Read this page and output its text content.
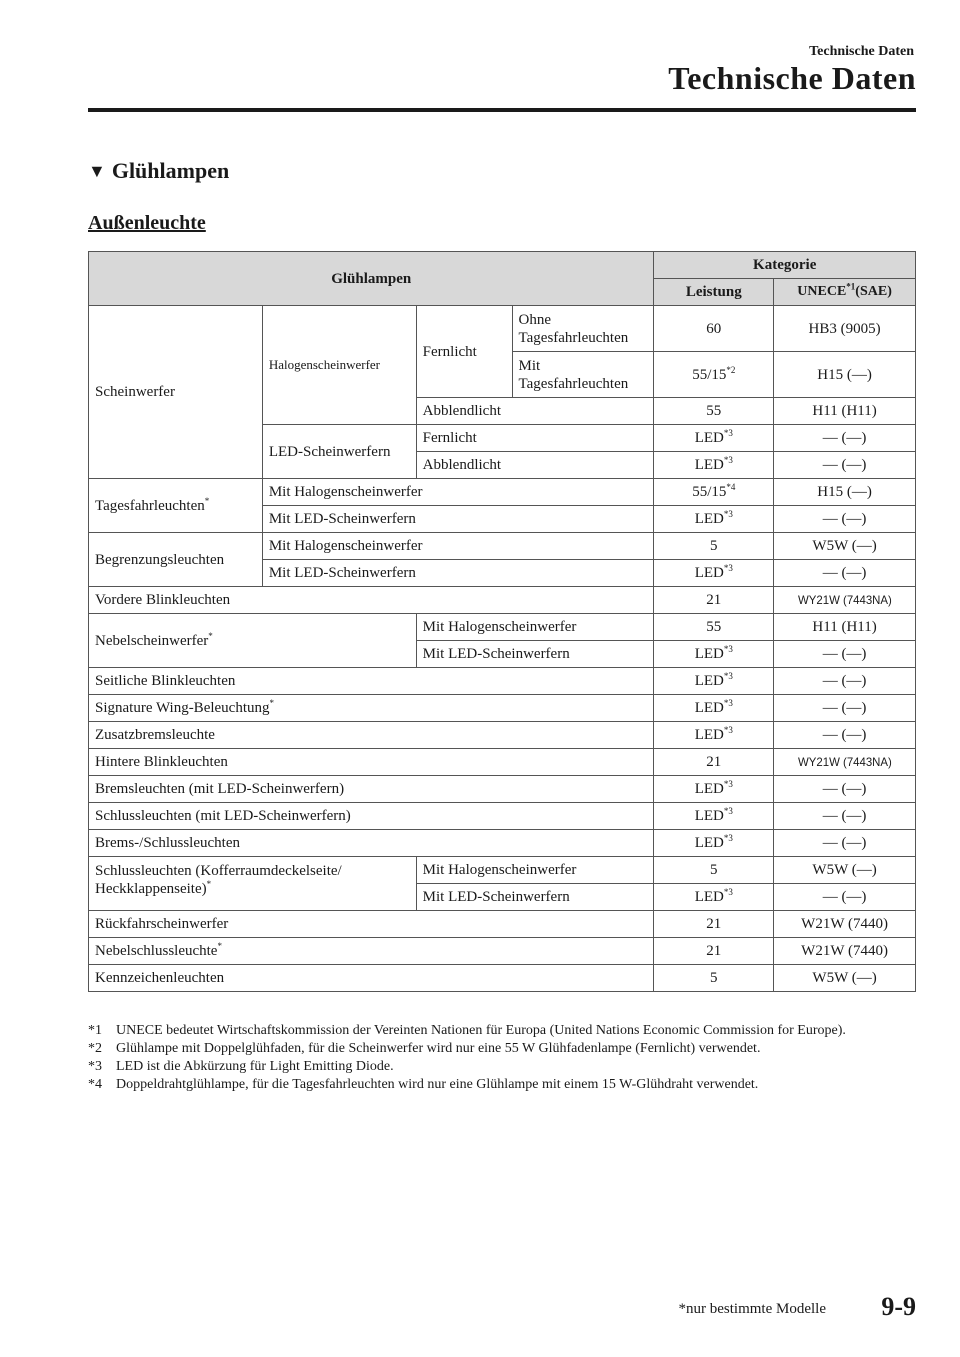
Technische Daten
Technische Daten
▼ Glühlampen
Außenleuchte
Glühlampen				Kategorie	
				Leistung	UNECE$^{*1}$(SAE)
Scheinwerfer	Halogenscheinwerfer	Fernlicht	Ohne Tagesfahrleuchten	60	HB3 (9005)
			Mit Tagesfahrleuchten	55/15$^{*2}$	H15 (—)
		Abblendlicht		55	H11 (H11)
	LED-Scheinwerfern	Fernlicht		LED$^{*3}$	— (—)
		Abblendlicht		LED$^{*3}$	— (—)
Tagesfahrleuchten*	Mit Halogenscheinwerfer			55/15$^{*4}$	H15 (—)
	Mit LED-Scheinwerfern			LED$^{*3}$	— (—)
Begrenzungsleuchten	Mit Halogenscheinwerfer			5	W5W (—)
	Mit LED-Scheinwerfern			LED$^{*3}$	— (—)
Vordere Blinkleuchten				21	WY21W (7443NA)
Nebelscheinwerfer*		Mit Halogenscheinwerfer		55	H11 (H11)
		Mit LED-Scheinwerfern		LED$^{*3}$	— (—)
Seitliche Blinkleuchten				LED$^{*3}$	— (—)
Signature Wing-Beleuchtung*				LED$^{*3}$	— (—)
Zusatzbremsleuchte				LED$^{*3}$	— (—)
Hintere Blinkleuchten				21	WY21W (7443NA)
Bremsleuchten (mit LED-Scheinwerfern)				LED$^{*3}$	— (—)
Schlussleuchten (mit LED-Scheinwerfern)				LED$^{*3}$	— (—)
Brems-/Schlussleuchten				LED$^{*3}$	— (—)
Schlussleuchten (Kofferraumdeckelseite/
Heckklappenseite)*		Mit Halogenscheinwerfer		5	W5W (—)
		Mit LED-Scheinwerfern		LED$^{*3}$	— (—)
Rückfahrscheinwerfer				21	W21W (7440)
Nebelschlussleuchte*				21	W21W (7440)
Kennzeichenleuchten				5	W5W (—)
*1	UNECE bedeutet Wirtschaftskommission der Vereinten Nationen für Europa (United Nations Economic Commission for Europe).
*2	Glühlampe mit Doppelglühfaden, für die Scheinwerfer wird nur eine 55 W Glühfadenlampe (Fernlicht) verwendet.
*3	LED ist die Abkürzung für Light Emitting Diode.
*4	Doppeldrahtglühlampe, für die Tagesfahrleuchten wird nur eine Glühlampe mit einem 15 W-Glühdraht verwendet.
*nur bestimmte Modelle 9-9
